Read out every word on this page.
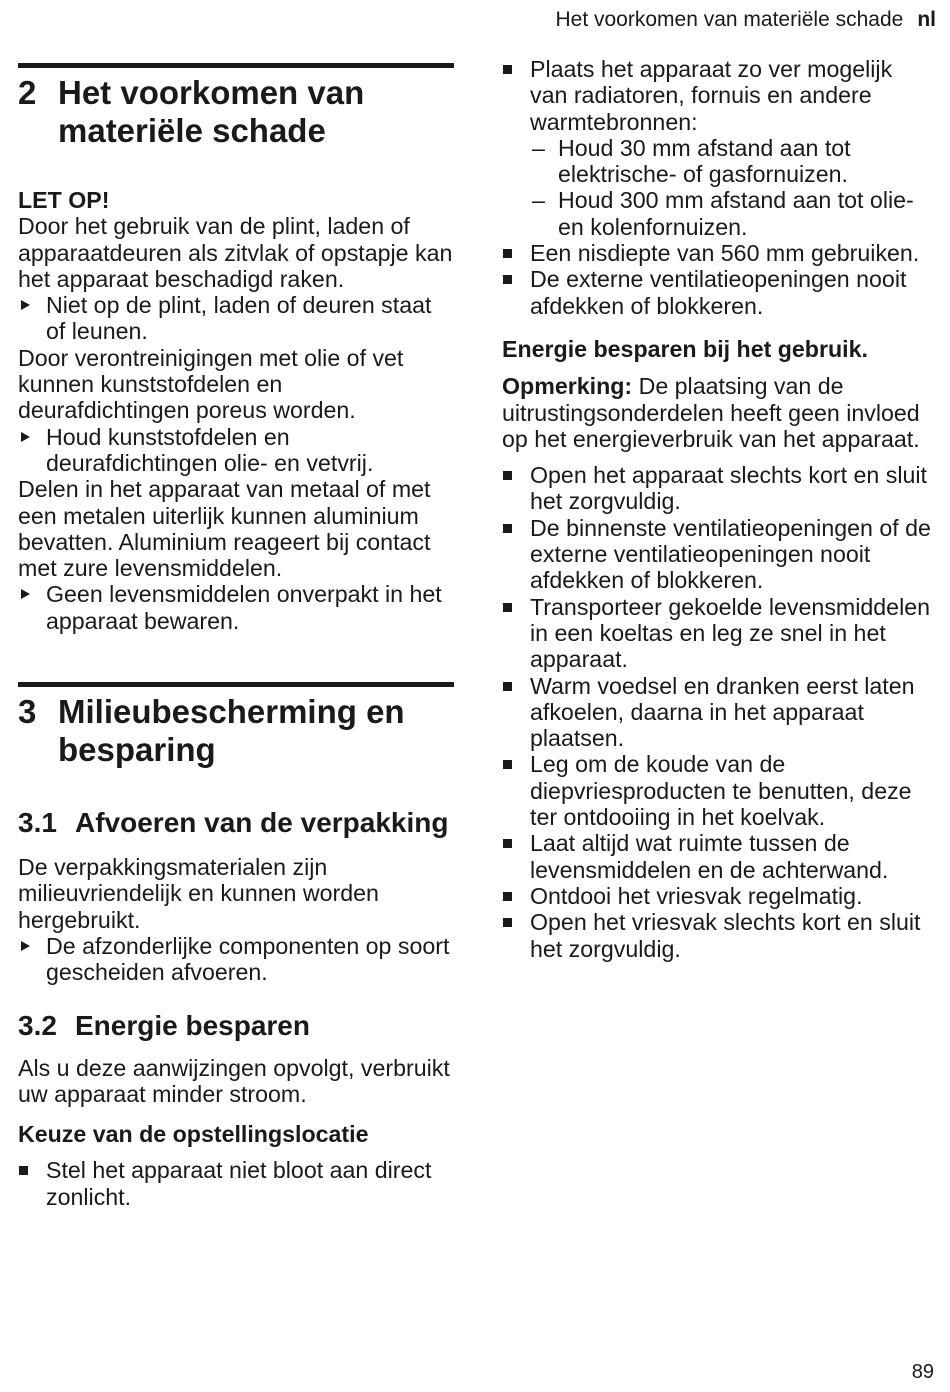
Het voorkomen van materiële schade nl
2 Het voorkomen van materiële schade

LET OP!

Door het gebruik van de plint, laden of apparaatdeuren als zitvlak of opstapje kan het apparaat beschadigd raken.

Niet op de plint, laden of deuren staat of leunen.

Door verontreinigingen met olie of vet kunnen kunststofdelen en deurafdichtingen poreus worden.

Houd kunststofdelen en deurafdichtingen olie- en vetvrij.

Delen in het apparaat van metaal of met een metalen uiterlijk kunnen aluminium bevatten. Aluminium reageert bij contact met zure levensmiddelen.

Geen levensmiddelen onverpakt in het apparaat bewaren.

3 Milieubescherming en besparing
3.1 Afvoeren van de verpakking

De verpakkingsmaterialen zijn milieuvriendelijk en kunnen worden hergebruikt.

De afzonderlijke componenten op soort gescheiden afvoeren.

3.2 Energie besparen

Als u deze aanwijzingen opvolgt, verbruikt uw apparaat minder stroom.

Keuze van de opstellingslocatie

Stel het apparaat niet bloot aan direct zonlicht.

Plaats het apparaat zo ver mogelijk van radiatoren, fornuis en andere warmtebronnen:

– Houd 30 mm afstand aan tot elektrische- of gasfornuizen.

– Houd 300 mm afstand aan tot olie- en kolenfornuizen.

Een nisdiepte van 560 mm gebruiken.

De externe ventilatieopeningen nooit afdekken of blokkeren.

Energie besparen bij het gebruik.

Opmerking: De plaatsing van de uitrustingsonderdelen heeft geen invloed op het energieverbruik van het apparaat.

Open het apparaat slechts kort en sluit het zorgvuldig.

De binnenste ventilatieopeningen of de externe ventilatieopeningen nooit afdekken of blokkeren.

Transporteer gekoelde levensmiddelen in een koeltas en leg ze snel in het apparaat.

Warm voedsel en dranken eerst laten afkoelen, daarna in het apparaat plaatsen.

Leg om de koude van de diepvriesproducten te benutten, deze ter ontdooiing in het koelvak.

Laat altijd wat ruimte tussen de levensmiddelen en de achterwand.

Ontdooi het vriesvak regelmatig.

Open het vriesvak slechts kort en sluit het zorgvuldig.

89
